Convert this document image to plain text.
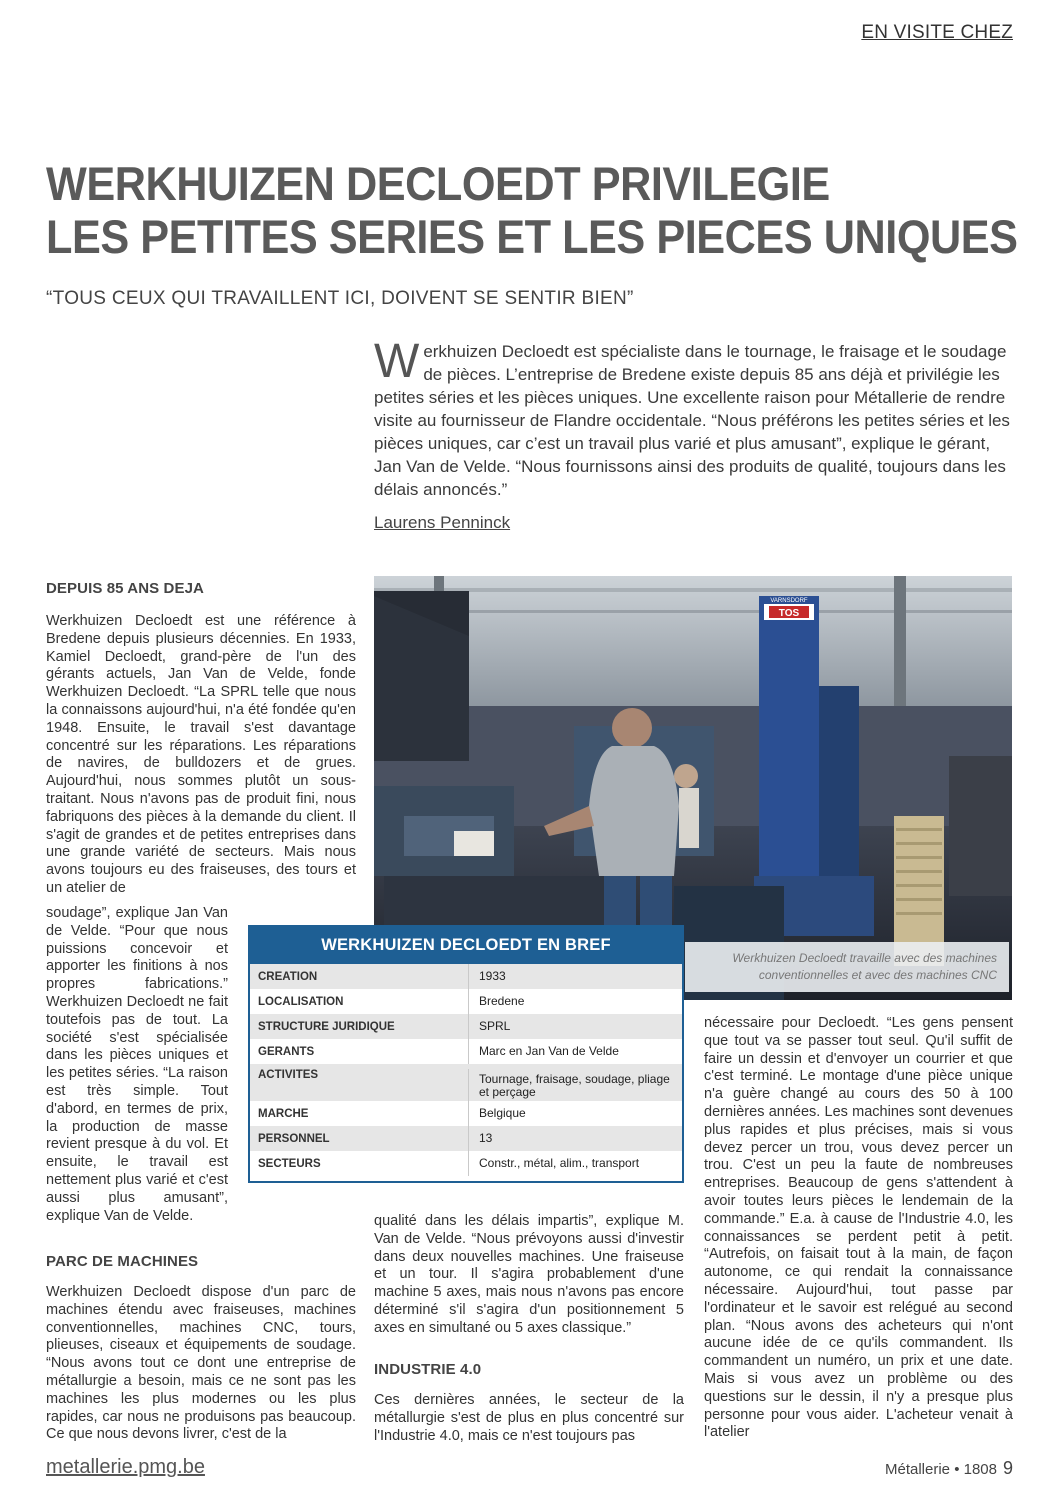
EN VISITE CHEZ
WERKHUIZEN DECLOEDT PRIVILEGIE
LES PETITES SERIES ET LES PIECES UNIQUES
“TOUS CEUX QUI TRAVAILLENT ICI, DOIVENT SE SENTIR BIEN”
W erkhuizen Decloedt est spécialiste dans le tournage, le fraisage et le soudage de pièces. L’entreprise de Bredene existe depuis 85 ans déjà et privilégie les petites séries et les pièces uniques. Une excellente raison pour Métallerie de rendre visite au fournisseur de Flandre occidentale. “Nous préférons les petites séries et les pièces uniques, car c’est un travail plus varié et plus amusant”, explique le gérant, Jan Van de Velde. “Nous fournissons ainsi des produits de qualité, toujours dans les délais annoncés.”
Laurens Penninck
DEPUIS 85 ANS DEJA

Werkhuizen Decloedt est une référence à Bredene depuis plusieurs décennies. En 1933, Kamiel Decloedt, grand-père de l'un des gérants actuels, Jan Van de Velde, fonde Werkhuizen Decloedt. “La SPRL telle que nous la connaissons aujourd'hui, n'a été fondée qu'en 1948. Ensuite, le travail s'est davantage concentré sur les réparations. Les réparations de navires, de bulldozers et de grues. Aujourd'hui, nous sommes plutôt un sous-traitant. Nous n'avons pas de produit fini, nous fabriquons des pièces à la demande du client. Il s'agit de grandes et de petites entreprises dans une grande variété de secteurs. Mais nous avons toujours eu des fraiseuses, des tours et un atelier de

soudage”, explique Jan Van de Velde. “Pour que nous puissions concevoir et apporter les finitions à nos propres fabrications.” Werkhuizen Decloedt ne fait toutefois pas de tout. La société s'est spécialisée dans les pièces uniques et les petites séries. “La raison est très simple. Tout d'abord, en termes de prix, la production de masse revient presque à du vol. Et ensuite, le travail est nettement plus varié et c'est aussi plus amusant”, explique Van de Velde.

PARC DE MACHINES

Werkhuizen Decloedt dispose d'un parc de machines étendu avec fraiseuses, machines conventionnelles, machines CNC, tours, plieuses, ciseaux et équipements de soudage. “Nous avons tout ce dont une entreprise de métallurgie a besoin, mais ce ne sont pas les machines les plus modernes ou les plus rapides, car nous ne produisons pas beaucoup. Ce que nous devons livrer, c'est de la

TOS
VARNSDORF
Werkhuizen Decloedt travaille avec des machines conventionnelles et avec des machines CNC
WERKHUIZEN DECLOEDT EN BREF
CREATION	1933
LOCALISATION	Bredene
STRUCTURE JURIDIQUE	SPRL
GERANTS	Marc en Jan Van de Velde
ACTIVITES	Tournage, fraisage, soudage, pliage et perçage
MARCHE	Belgique
PERSONNEL	13
SECTEURS	Constr., métal, alim., transport

qualité dans les délais impartis”, explique M. Van de Velde. “Nous prévoyons aussi d'investir dans deux nouvelles machines. Une fraiseuse et un tour. Il s'agira probablement d'une machine 5 axes, mais nous n'avons pas encore déterminé s'il s'agira d'un positionnement 5 axes en simultané ou 5 axes classique.”

INDUSTRIE 4.0

Ces dernières années, le secteur de la métallurgie s'est de plus en plus concentré sur l'Industrie 4.0, mais ce n'est toujours pas

nécessaire pour Decloedt. “Les gens pensent que tout va se passer tout seul. Qu'il suffit de faire un dessin et d'envoyer un courrier et que c'est terminé. Le montage d'une pièce unique n'a guère changé au cours des 50 à 100 dernières années. Les machines sont devenues plus rapides et plus précises, mais si vous devez percer un trou, vous devez percer un trou. C'est un peu la faute de nombreuses entreprises. Beaucoup de gens s'attendent à avoir toutes leurs pièces le lendemain de la commande.” E.a. à cause de l'Industrie 4.0, les connaissances se perdent petit à petit. “Autrefois, on faisait tout à la main, de façon autonome, ce qui rendait la connaissance nécessaire. Aujourd'hui, tout passe par l'ordinateur et le savoir est relégué au second plan. “Nous avons des acheteurs qui n'ont aucune idée de ce qu'ils commandent. Ils commandent un numéro, un prix et une date. Mais si vous avez un problème ou des questions sur le dessin, il n'y a presque plus personne pour vous aider. L'acheteur venait à l'atelier

metallerie.pmg.be	Métallerie • 1808 9
